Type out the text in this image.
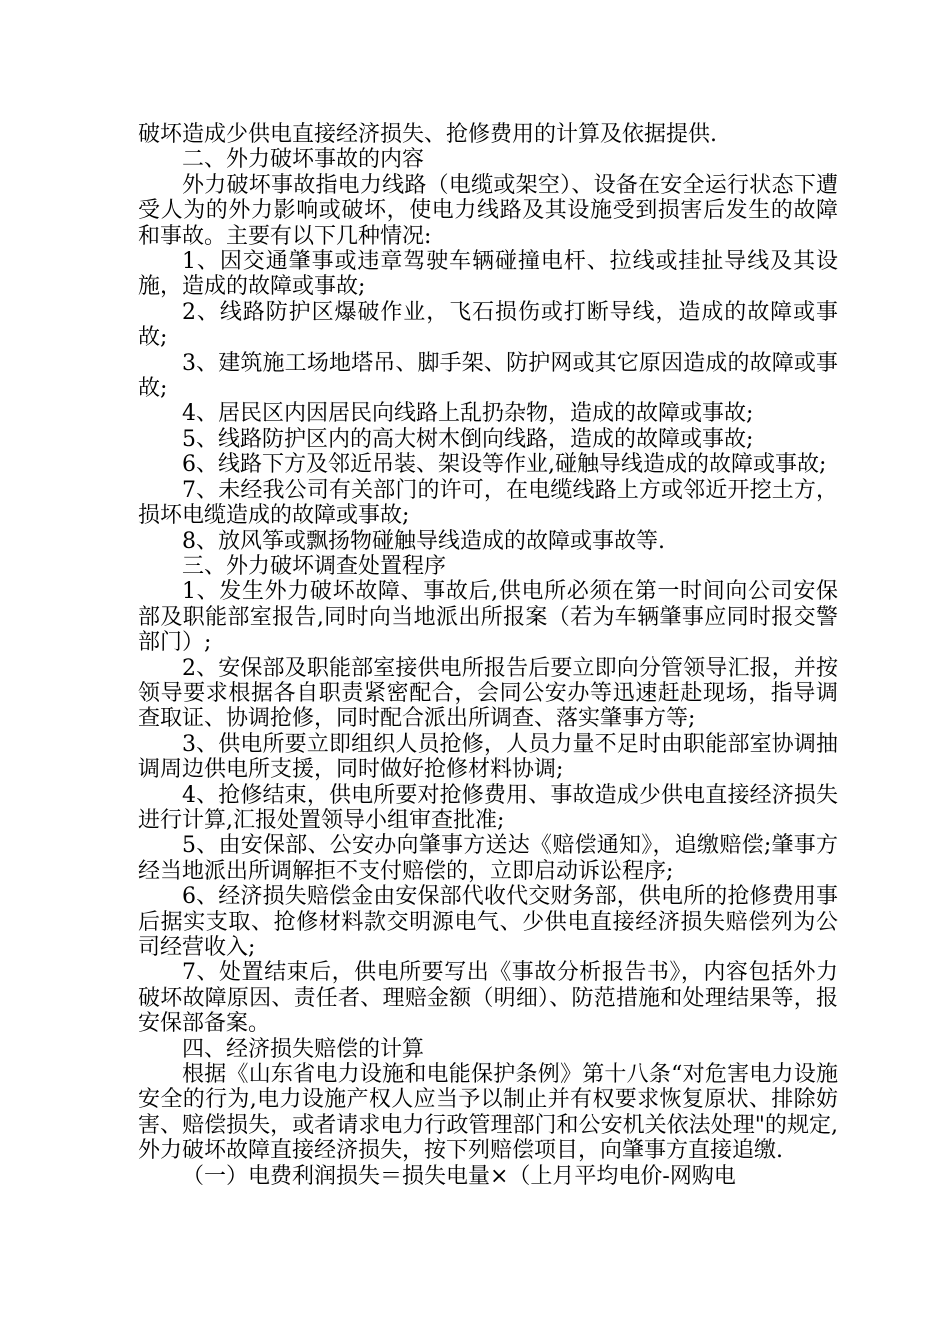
破坏造成少供电直接经济损失、抢修费用的计算及依据提供.

二、外力破坏事故的内容

外力破坏事故指电力线路（电缆或架空）、设备在安全运行状态下遭受人为的外力影响或破坏，使电力线路及其设施受到损害后发生的故障和事故。主要有以下几种情况:

1、因交通肇事或违章驾驶车辆碰撞电杆、拉线或挂扯导线及其设施，造成的故障或事故;

2、线路防护区爆破作业，飞石损伤或打断导线，造成的故障或事故;

3、建筑施工场地塔吊、脚手架、防护网或其它原因造成的故障或事故;

4、居民区内因居民向线路上乱扔杂物，造成的故障或事故;

5、线路防护区内的高大树木倒向线路，造成的故障或事故;

6、线路下方及邻近吊装、架设等作业,碰触导线造成的故障或事故;

7、未经我公司有关部门的许可，在电缆线路上方或邻近开挖土方，损坏电缆造成的故障或事故;

8、放风筝或飘扬物碰触导线造成的故障或事故等.

三、外力破坏调查处置程序

1、发生外力破坏故障、事故后,供电所必须在第一时间向公司安保部及职能部室报告,同时向当地派出所报案（若为车辆肇事应同时报交警部门）;

2、安保部及职能部室接供电所报告后要立即向分管领导汇报，并按领导要求根据各自职责紧密配合，会同公安办等迅速赶赴现场，指导调查取证、协调抢修，同时配合派出所调查、落实肇事方等;

3、供电所要立即组织人员抢修，人员力量不足时由职能部室协调抽调周边供电所支援，同时做好抢修材料协调;

4、抢修结束，供电所要对抢修费用、事故造成少供电直接经济损失进行计算,汇报处置领导小组审查批准;

5、由安保部、公安办向肇事方送达《赔偿通知》，追缴赔偿;肇事方经当地派出所调解拒不支付赔偿的，立即启动诉讼程序;

6、经济损失赔偿金由安保部代收代交财务部，供电所的抢修费用事后据实支取、抢修材料款交明源电气、少供电直接经济损失赔偿列为公司经营收入;

7、处置结束后，供电所要写出《事故分析报告书》，内容包括外力破坏故障原因、责任者、理赔金额（明细）、防范措施和处理结果等，报安保部备案。

四、经济损失赔偿的计算

根据《山东省电力设施和电能保护条例》第十八条“对危害电力设施安全的行为,电力设施产权人应当予以制止并有权要求恢复原状、排除妨害、赔偿损失，或者请求电力行政管理部门和公安机关依法处理"的规定,外力破坏故障直接经济损失，按下列赔偿项目，向肇事方直接追缴.

（一）电费利润损失＝损失电量×（上月平均电价-网购电
